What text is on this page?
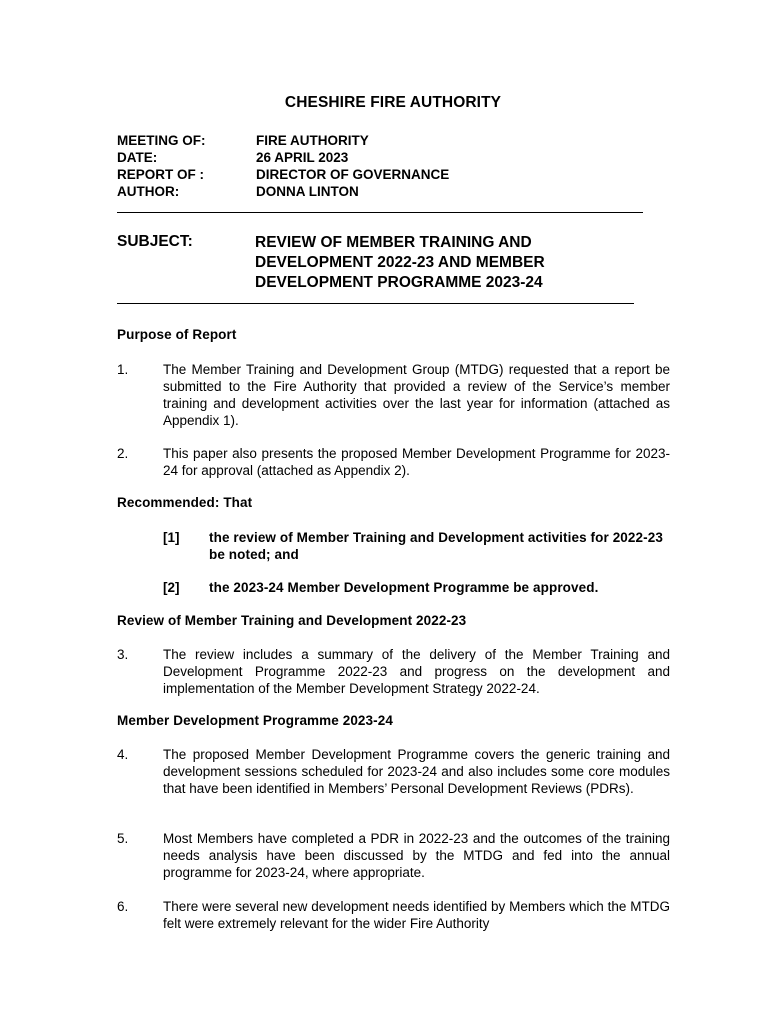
CHESHIRE FIRE AUTHORITY
MEETING OF:	FIRE AUTHORITY
DATE:	26 APRIL 2023
REPORT OF :	DIRECTOR OF GOVERNANCE
AUTHOR:	DONNA LINTON
SUBJECT:	REVIEW OF MEMBER TRAINING AND
DEVELOPMENT 2022-23 AND MEMBER
DEVELOPMENT PROGRAMME 2023-24
Purpose of Report
1.	The Member Training and Development Group (MTDG) requested that a report be submitted to the Fire Authority that provided a review of the Service’s member training and development activities over the last year for information (attached as Appendix 1).
2.	This paper also presents the proposed Member Development Programme for 2023-24 for approval (attached as Appendix 2).
Recommended: That
[1] the review of Member Training and Development activities for 2022-23 be noted; and
[2] the 2023-24 Member Development Programme be approved.
Review of Member Training and Development 2022-23
3.	The review includes a summary of the delivery of the Member Training and Development Programme 2022-23 and progress on the development and implementation of the Member Development Strategy 2022-24.
Member Development Programme 2023-24
4.	The proposed Member Development Programme covers the generic training and development sessions scheduled for 2023-24 and also includes some core modules that have been identified in Members’ Personal Development Reviews (PDRs).
5.	Most Members have completed a PDR in 2022-23 and the outcomes of the training needs analysis have been discussed by the MTDG and fed into the annual programme for 2023-24, where appropriate.
6.	There were several new development needs identified by Members which the MTDG felt were extremely relevant for the wider Fire Authority
